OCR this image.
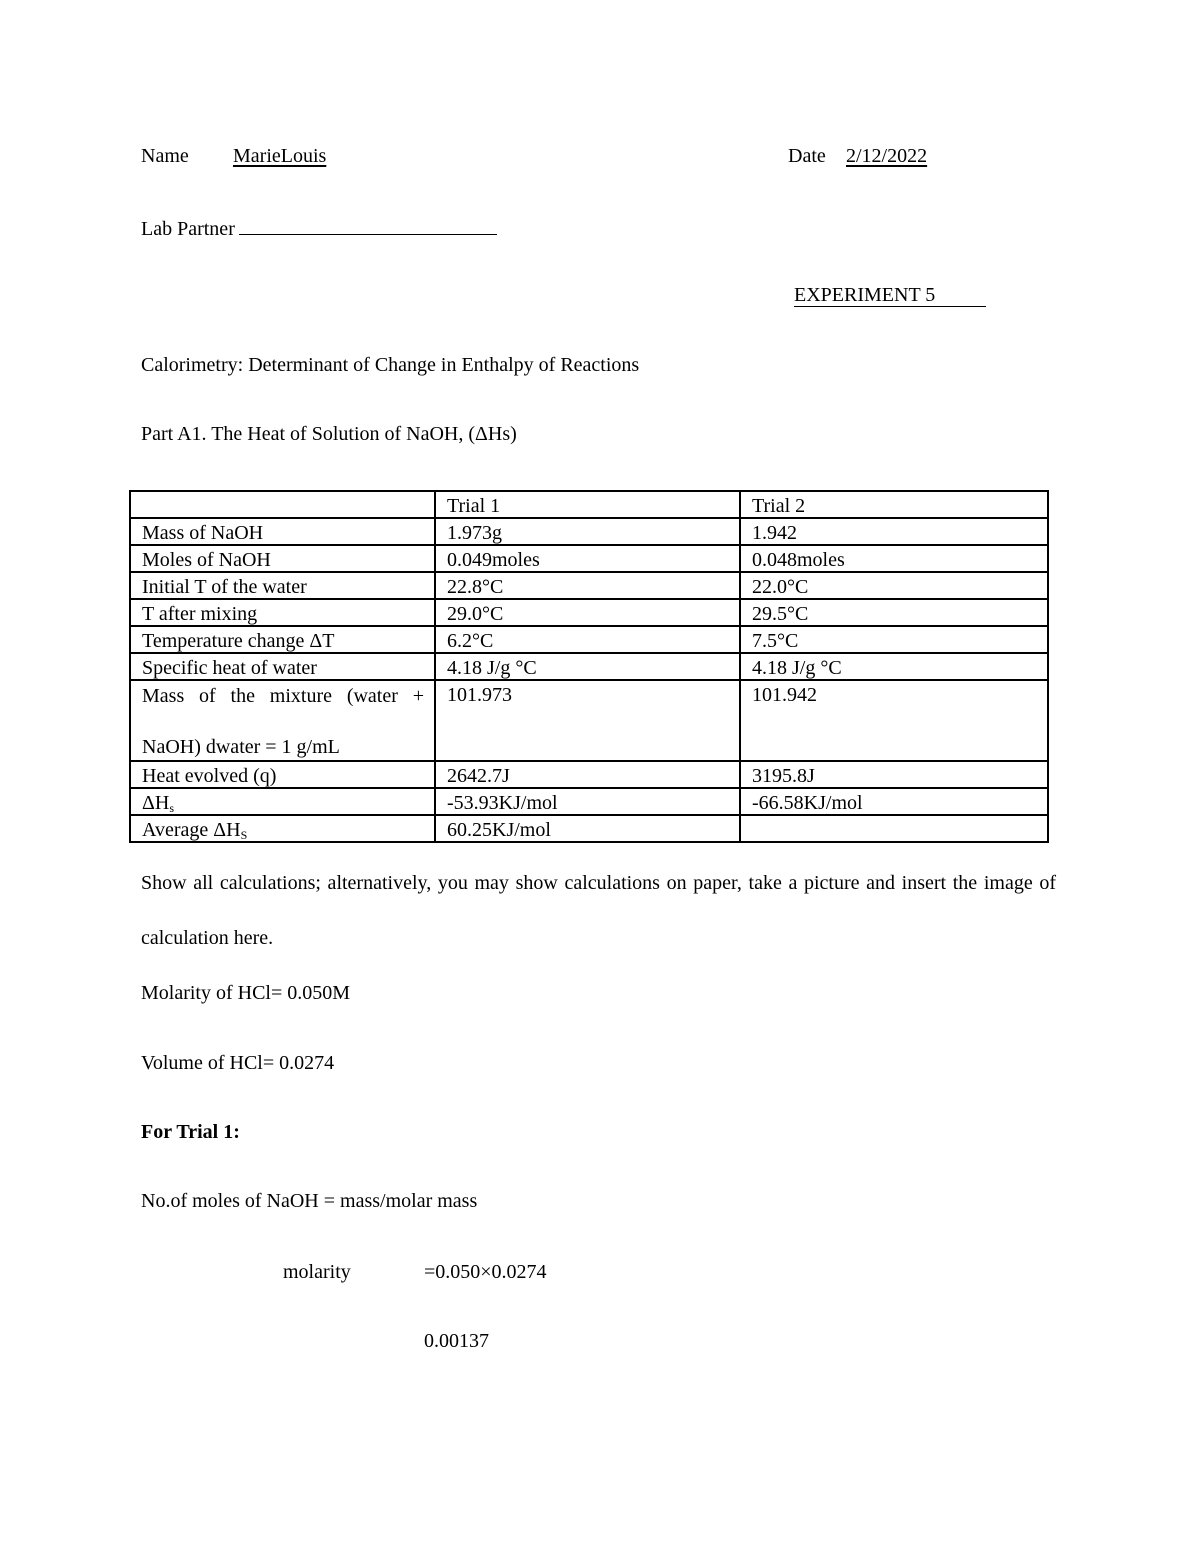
Name MarieLouis	Date 2/12/2022
Lab Partner
EXPERIMENT 5
Calorimetry: Determinant of Change in Enthalpy of Reactions
Part A1. The Heat of Solution of NaOH, (ΔHs)
	Trial 1	Trial 2
Mass of NaOH	1.973g	1.942
Moles of NaOH	0.049moles	0.048moles
Initial T of the water	22.8°C	22.0°C
T after mixing	29.0°C	29.5°C
Temperature change ΔT	6.2°C	7.5°C
Specific heat of water	4.18 J/g °C	4.18 J/g °C

Mass of the mixture (water +
NaOH) dwater = 1 g/mL	101.973	101.942
Heat evolved (q)	2642.7J	3195.8J
$\Delta H_s$	-53.93KJ/mol	-66.58KJ/mol
Average $\Delta H_S$	60.25KJ/mol	
Show all calculations; alternatively, you may show calculations on paper, take a picture and insert the image of calculation here.
Molarity of HCl= 0.050M
Volume of HCl= 0.0274
For Trial 1:
No.of moles of NaOH = mass/molar mass
molarity	=0.050×0.0274
0.00137
